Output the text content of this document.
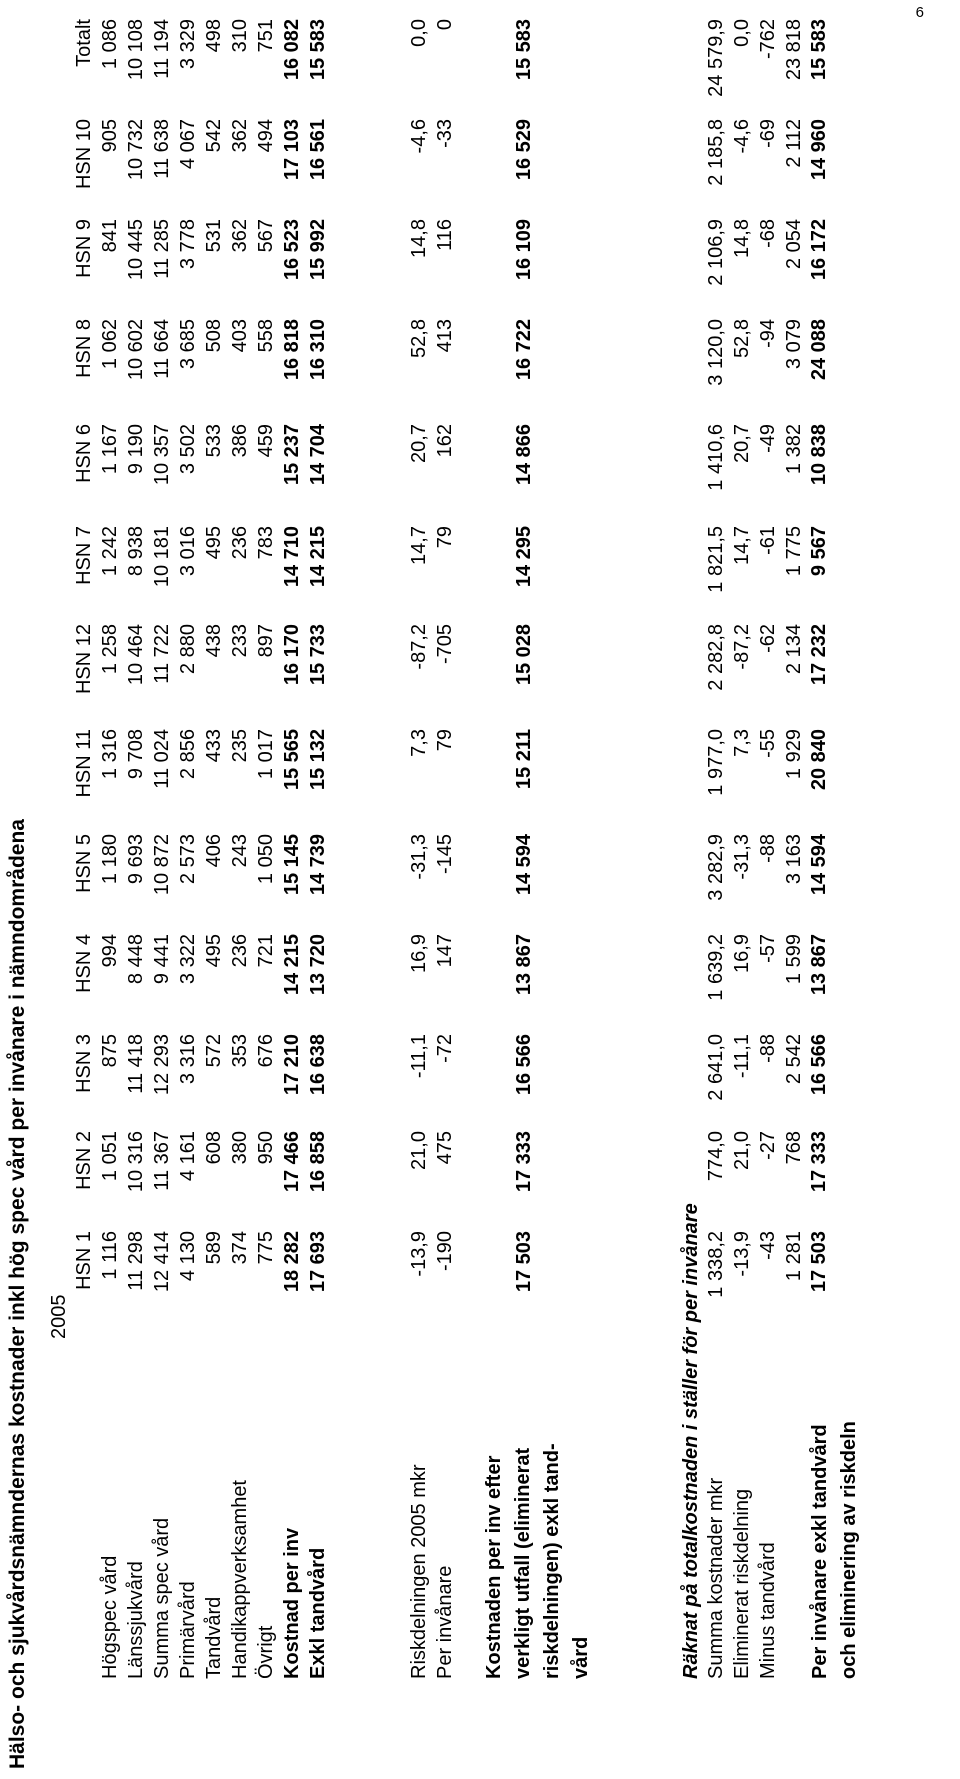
6
Hälso- och sjukvårdsnämndernas kostnader inkl hög spec vård per invånare i nämndområdena 2005
HSN 1
HSN 2
HSN 3
HSN 4
HSN 5
HSN 11
HSN 12
HSN 7
HSN 6
HSN 8
HSN 9
HSN 10
Totalt
Högspec vård
1 116
1 051
875
994
1 180
1 316
1 258
1 242
1 167
1 062
841
905
1 086
Länssjukvård
11 298
10 316
11 418
8 448
9 693
9 708
10 464
8 938
9 190
10 602
10 445
10 732
10 108
Summa spec vård
12 414
11 367
12 293
9 441
10 872
11 024
11 722
10 181
10 357
11 664
11 285
11 638
11 194
Primärvård
4 130
4 161
3 316
3 322
2 573
2 856
2 880
3 016
3 502
3 685
3 778
4 067
3 329
Tandvård
589
608
572
495
406
433
438
495
533
508
531
542
498
Handikappverksamhet
374
380
353
236
243
235
233
236
386
403
362
362
310
Övrigt
775
950
676
721
1 050
1 017
897
783
459
558
567
494
751
Kostnad per inv
18 282
17 466
17 210
14 215
15 145
15 565
16 170
14 710
15 237
16 818
16 523
17 103
16 082
Exkl tandvård
17 693
16 858
16 638
13 720
14 739
15 132
15 733
14 215
14 704
16 310
15 992
16 561
15 583
Riskdelningen 2005 mkr
-13,9
21,0
-11,1
16,9
-31,3
7,3
-87,2
14,7
20,7
52,8
14,8
-4,6
0,0
Per invånare
-190
475
-72
147
-145
79
-705
79
162
413
116
-33
0
Kostnaden per inv efter verkligt utfall (eliminerat riskdelningen) exkl tand- vård
17 503
17 333
16 566
13 867
14 594
15 211
15 028
14 295
14 866
16 722
16 109
16 529
15 583
Räknat på totalkostnaden i ställer för per invånare Summa kostnader mkr
1 338,2
774,0
2 641,0
1 639,2
3 282,9
1 977,0
2 282,8
1 821,5
1 410,6
3 120,0
2 106,9
2 185,8
24 579,9
Eliminerat riskdelning
-13,9
21,0
-11,1
16,9
-31,3
7,3
-87,2
14,7
20,7
52,8
14,8
-4,6
0,0
Minus tandvård
-43
-27
-88
-57
-88
-55
-62
-61
-49
-94
-68
-69
-762
1 281
768
2 542
1 599
3 163
1 929
2 134
1 775
1 382
3 079
2 054
2 112
23 818
Per invånare exkl tandvård och eliminering av riskdeln
17 503
17 333
16 566
13 867
14 594
20 840
17 232
9 567
10 838
24 088
16 172
14 960
15 583
